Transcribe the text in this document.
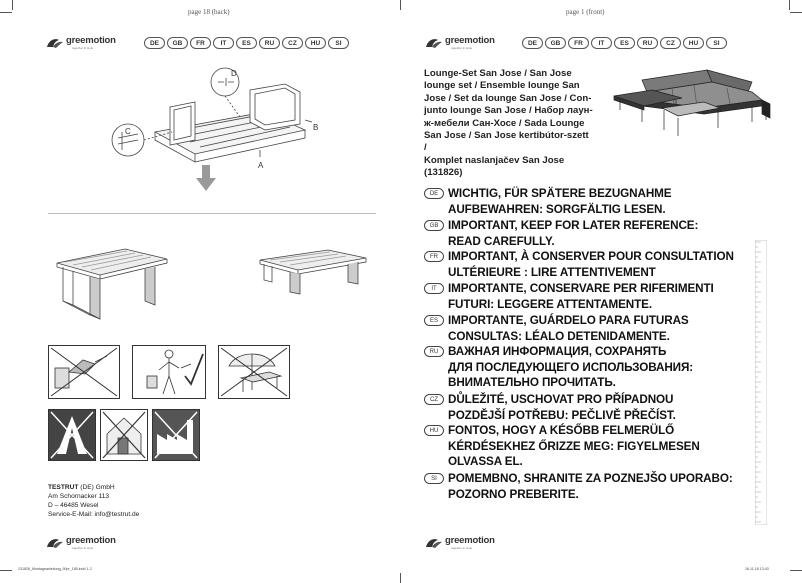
page 18 (back)
greemotion
together in style
DE	GB	FR	IT	ES	RU	CZ	HU	SI
D
C	B
A
TESTRUT (DE) GmbH
Am Schornacker 113
D – 46485 Wesel
Service-E-Mail: info@testrut.de
greemotion
together in style
131826_Montageanleitung_90pr_185.indd 1-2
page 1 (front)
greemotion
together in style
DE	GB	FR	IT	ES	RU	CZ	HU	SI
Lounge-Set San Jose / San Jose
lounge set / Ensemble lounge San
Jose / Set da lounge San Jose / Con-
junto lounge San Jose / Набор лаун-
ж-мебели Сан-Хосе / Sada Lounge
San Jose / San Jose kertibútor-szett /
Komplet naslanjačev San Jose
(131826)
DE WICHTIG, FÜR SPÄTERE BEZUGNAHME
AUFBEWAHREN: SORGFÄLTIG LESEN.
GB IMPORTANT, KEEP FOR LATER REFERENCE:
READ CAREFULLY.
FR IMPORTANT, À CONSERVER POUR CONSULTATION
ULTÉRIEURE : LIRE ATTENTIVEMENT
IT IMPORTANTE, CONSERVARE PER RIFERIMENTI
FUTURI: LEGGERE ATTENTAMENTE.
ES IMPORTANTE, GUÁRDELO PARA FUTURAS
CONSULTAS: LÉALO DETENIDAMENTE.
RU ВАЖНАЯ ИНФОРМАЦИЯ, СОХРАНЯТЬ
ДЛЯ ПОСЛЕДУЮЩЕГО ИСПОЛЬЗОВАНИЯ:
ВНИМАТЕЛЬНО ПРОЧИТАТЬ.
CZ DŮLEŽITÉ, USCHOVAT PRO PŘÍPADNOU
POZDĚJŠÍ POTŘEBU: PEČLIVĚ PŘEČÍST.
HU FONTOS, HOGY A KÉSŐBB FELMERÜLŐ
KÉRDÉSEKHEZ ŐRIZZE MEG: FIGYELMESEN
OLVASSA EL.
SI POMEMBNO, SHRANITE ZA POZNEJŠO UPORABO:
POZORNO PREBERITE.
greemotion
together in style
16.11.18 13:43
